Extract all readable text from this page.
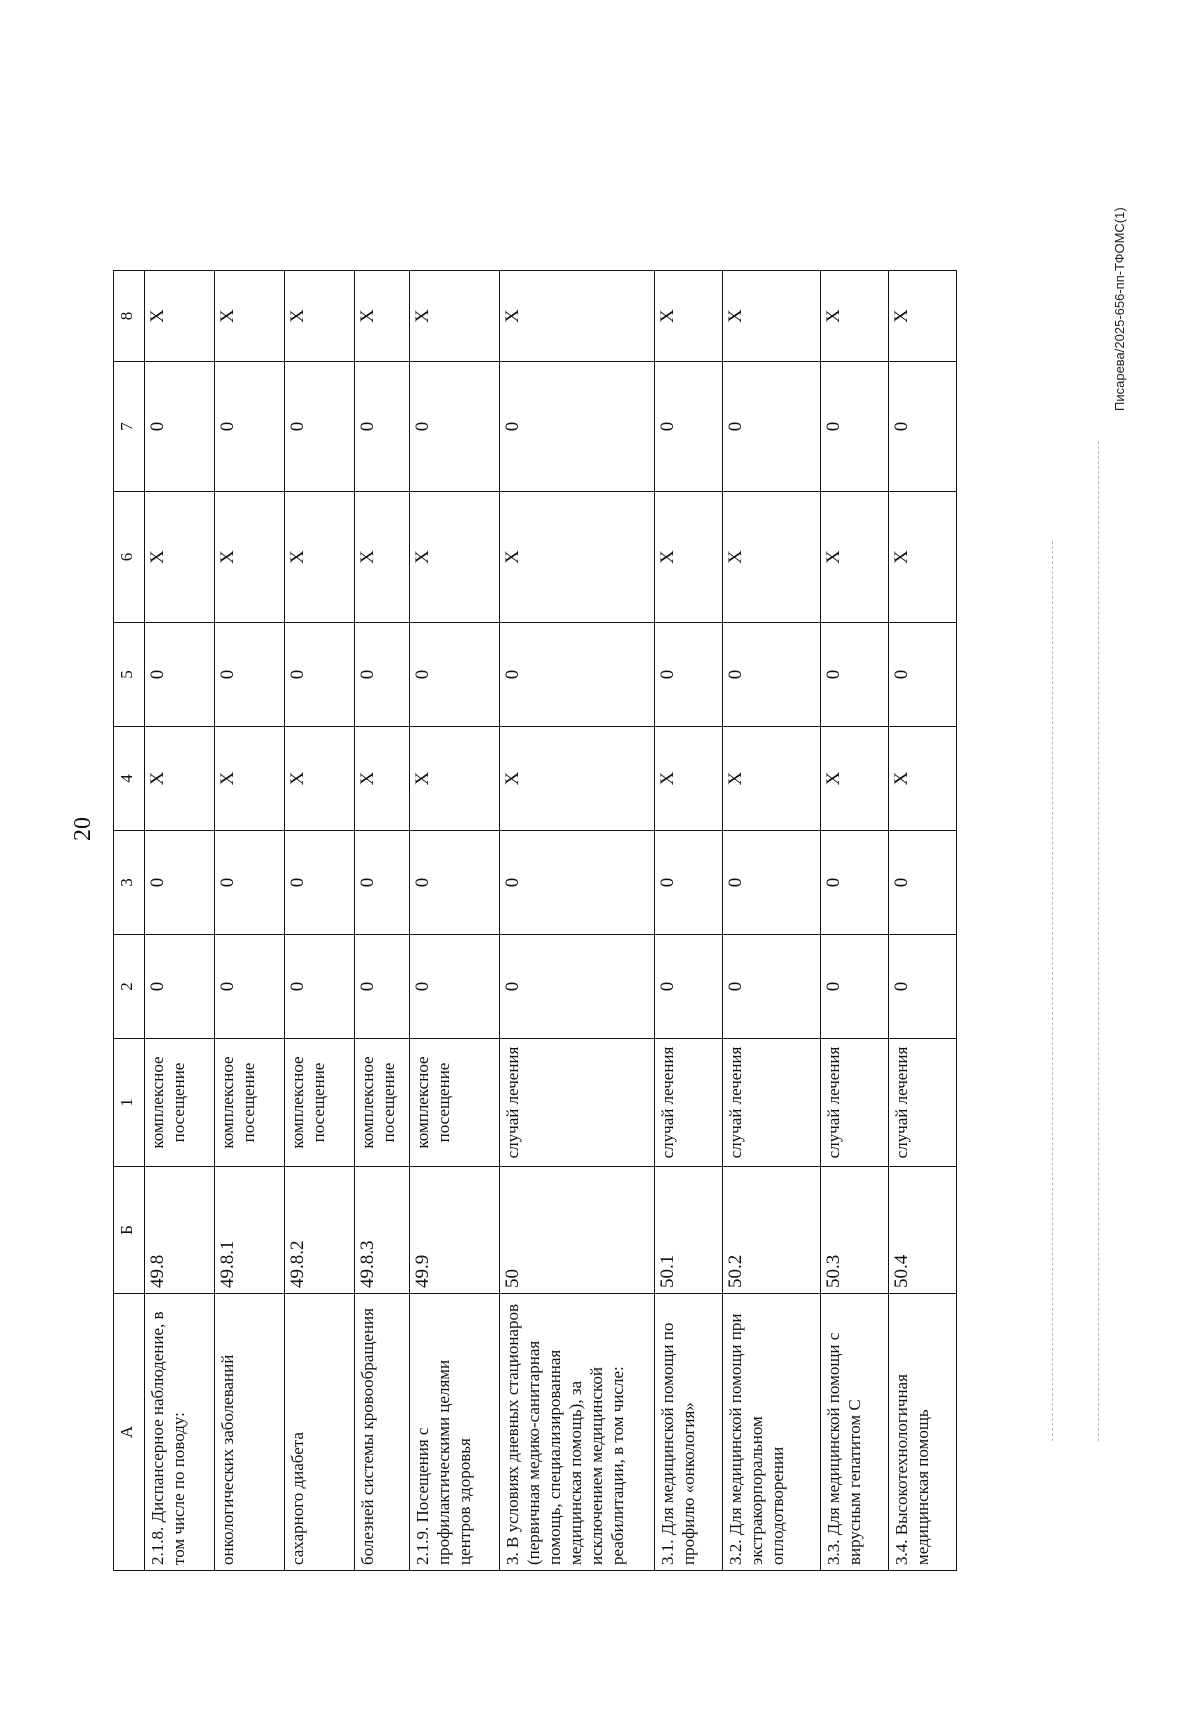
20
А	Б	1	2	3	4	5	6	7	8
2.1.8. Диспансерное наблюдение, в том числе по поводу:	49.8	комплексное посещение	0	0	X	0	X	0	X
онкологических заболеваний	49.8.1	комплексное посещение	0	0	X	0	X	0	X
сахарного диабета	49.8.2	комплексное посещение	0	0	X	0	X	0	X
болезней системы кровообращения	49.8.3	комплексное посещение	0	0	X	0	X	0	X
2.1.9. Посещения с профилактическими целями центров здоровья	49.9	комплексное посещение	0	0	X	0	X	0	X
3. В условиях дневных стационаров (первичная медико-санитарная помощь, специализированная медицинская помощь), за исключением медицинской реабилитации, в том числе:	50	случай лечения	0	0	X	0	X	0	X
3.1. Для медицинской помощи по профилю «онкология»	50.1	случай лечения	0	0	X	0	X	0	X
3.2. Для медицинской помощи при экстракорпоральном оплодотворении	50.2	случай лечения	0	0	X	0	X	0	X
3.3. Для медицинской помощи с вирусным гепатитом С	50.3	случай лечения	0	0	X	0	X	0	X
3.4. Высокотехнологичная медицинская помощь	50.4	случай лечения	0	0	X	0	X	0	X	Писарева/2025-656-пп-ТФОМС(1)
